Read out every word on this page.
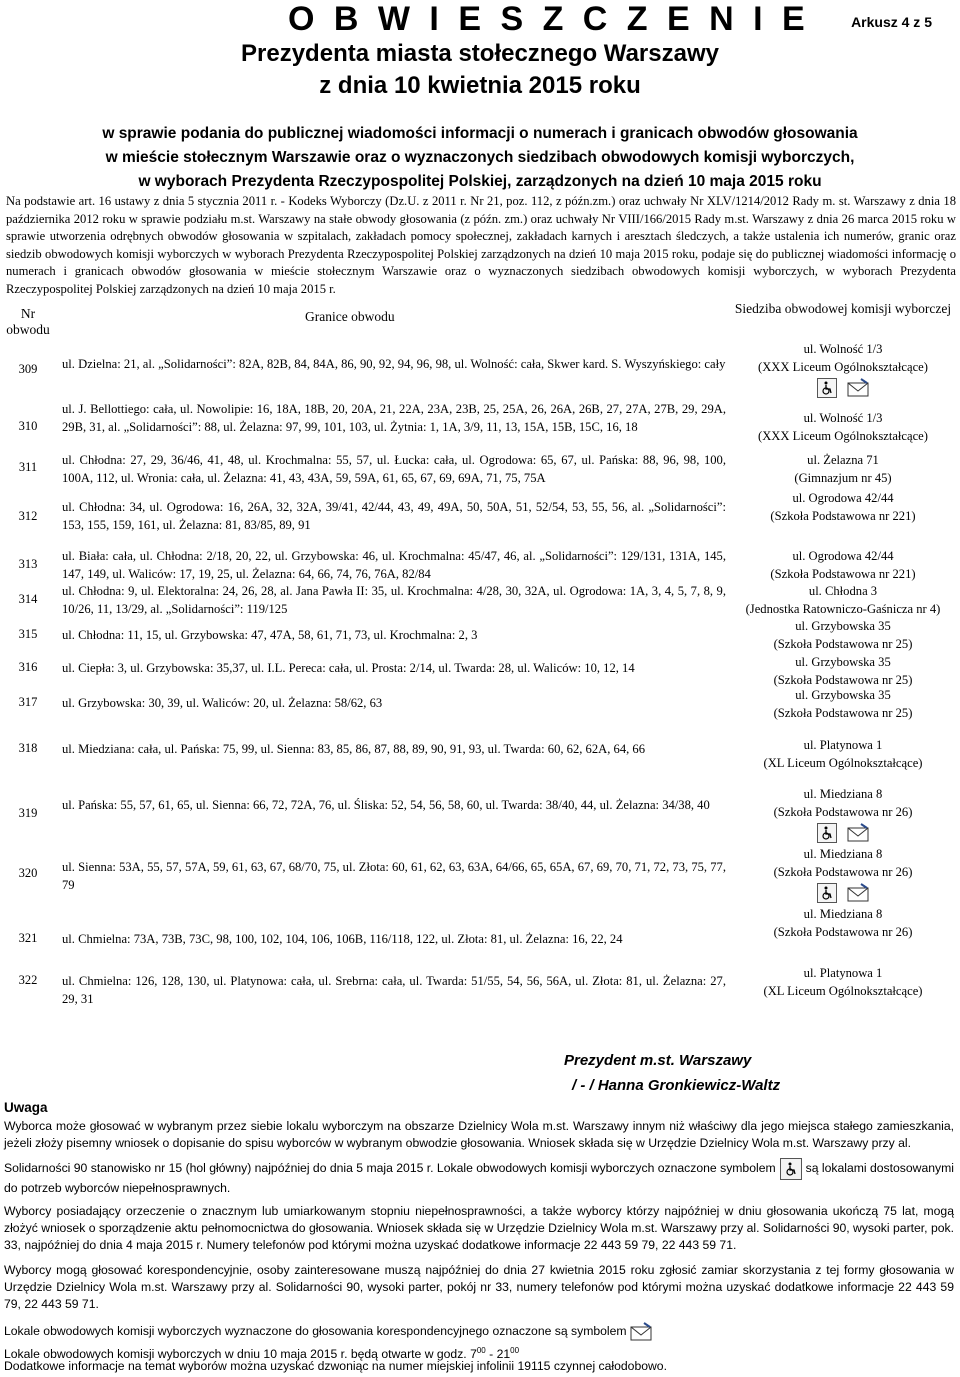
Arkusz 4 z 5
O B W I E S Z C Z E N I E
Prezydenta miasta stołecznego Warszawy
z dnia 10 kwietnia 2015 roku
w sprawie podania do publicznej wiadomości informacji o numerach i granicach obwodów głosowania
w mieście stołecznym Warszawie oraz o wyznaczonych siedzibach obwodowych komisji wyborczych,
w wyborach Prezydenta Rzeczypospolitej Polskiej, zarządzonych na dzień 10 maja 2015 roku
Na podstawie art. 16 ustawy z dnia 5 stycznia 2011 r. - Kodeks Wyborczy (Dz.U. z 2011 r. Nr 21, poz. 112, z późn.zm.) oraz uchwały Nr XLV/1214/2012 Rady m. st. Warszawy z dnia 18 października 2012 roku w sprawie podziału m.st. Warszawy na stałe obwody głosowania (z późn. zm.) oraz uchwały Nr VIII/166/2015 Rady m.st. Warszawy z dnia 26 marca 2015 roku w sprawie utworzenia odrębnych obwodów głosowania w szpitalach, zakładach pomocy społecznej, zakładach karnych i aresztach śledczych, a także ustalenia ich numerów, granic oraz siedzib obwodowych komisji wyborczych w wyborach Prezydenta Rzeczypospolitej Polskiej zarządzonych na dzień 10 maja 2015 roku, podaje się do publicznej wiadomości informację o numerach i granicach obwodów głosowania w mieście stołecznym Warszawie oraz o wyznaczonych siedzibach obwodowych komisji wyborczych, w wyborach Prezydenta Rzeczypospolitej Polskiej zarządzonych na dzień 10 maja 2015 r.
Nr obwodu
Granice obwodu
Siedziba obwodowej komisji wyborczej
309	ul. Dzielna: 21, al. „Solidarności”: 82A, 82B, 84, 84A, 86, 90, 92, 94, 96, 98, ul. Wolność: cała, Skwer kard. S. Wyszyńskiego: cały
ul. Wolność 1/3
(XXX Liceum Ogólnokształcące)
310
ul. J. Bellottiego: cała, ul. Nowolipie: 16, 18A, 18B, 20, 20A, 21, 22A, 23A, 23B, 25, 25A, 26, 26A, 26B, 27, 27A, 27B, 29, 29A, 29B, 31, al. „Solidarności”: 88, ul. Żelazna: 97, 99, 101, 103, ul. Żytnia: 1, 1A, 3/9, 11, 13, 15A, 15B, 15C, 16, 18
ul. Wolność 1/3
(XXX Liceum Ogólnokształcące)
311	ul. Chłodna: 27, 29, 36/46, 41, 48, ul. Krochmalna: 55, 57, ul. Łucka: cała, ul. Ogrodowa: 65, 67, ul. Pańska: 88, 96, 98, 100, 100A, 112, ul. Wronia: cała, ul. Żelazna: 41, 43, 43A, 59, 59A, 61, 65, 67, 69, 69A, 71, 75, 75A
ul. Żelazna 71
(Gimnazjum nr 45)
312
ul. Chłodna: 34, ul. Ogrodowa: 16, 26A, 32, 32A, 39/41, 42/44, 43, 49, 49A, 50, 50A, 51, 52/54, 53, 55, 56, al. „Solidarności”: 153, 155, 159, 161, ul. Żelazna: 81, 83/85, 89, 91
ul. Ogrodowa 42/44
(Szkoła Podstawowa nr 221)
313
ul. Biała: cała, ul. Chłodna: 2/18, 20, 22, ul. Grzybowska: 46, ul. Krochmalna: 45/47, 46, al. „Solidarności”: 129/131, 131A, 145, 147, 149, ul. Waliców: 17, 19, 25, ul. Żelazna: 64, 66, 74, 76, 76A, 82/84
ul. Ogrodowa 42/44
(Szkoła Podstawowa nr 221)
314
ul. Chłodna: 9, ul. Elektoralna: 24, 26, 28, al. Jana Pawła II: 35, ul. Krochmalna: 4/28, 30, 32A, ul. Ogrodowa: 1A, 3, 4, 5, 7, 8, 9, 10/26, 11, 13/29, al. „Solidarności”: 119/125
ul. Chłodna 3
(Jednostka Ratowniczo-Gaśnicza nr 4)
315	ul. Chłodna: 11, 15, ul. Grzybowska: 47, 47A, 58, 61, 71, 73, ul. Krochmalna: 2, 3
ul. Grzybowska 35
(Szkoła Podstawowa nr 25)
316	ul. Ciepła: 3, ul. Grzybowska: 35,37, ul. I.L. Pereca: cała, ul. Prosta: 2/14, ul. Twarda: 28, ul. Waliców: 10, 12, 14	ul. Grzybowska 35
(Szkoła Podstawowa nr 25)
317	ul. Grzybowska: 30, 39, ul. Waliców: 20, ul. Żelazna: 58/62, 63
ul. Grzybowska 35
(Szkoła Podstawowa nr 25)
318	ul. Miedziana: cała, ul. Pańska: 75, 99, ul. Sienna: 83, 85, 86, 87, 88, 89, 90, 91, 93, ul. Twarda: 60, 62, 62A, 64, 66	ul. Platynowa 1
(XL Liceum Ogólnokształcące)
319
ul. Pańska: 55, 57, 61, 65, ul. Sienna: 66, 72, 72A, 76, ul. Śliska: 52, 54, 56, 58, 60, ul. Twarda: 38/40, 44, ul. Żelazna: 34/38, 40
ul. Miedziana 8
(Szkoła Podstawowa nr 26)
320	ul. Sienna: 53A, 55, 57, 57A, 59, 61, 63, 67, 68/70, 75, ul. Złota: 60, 61, 62, 63, 63A, 64/66, 65, 65A, 67, 69, 70, 71, 72, 73, 75, 77, 79
ul. Miedziana 8
(Szkoła Podstawowa nr 26)
321	ul. Chmielna: 73A, 73B, 73C, 98, 100, 102, 104, 106, 106B, 116/118, 122, ul. Złota: 81, ul. Żelazna: 16, 22, 24
ul. Miedziana 8
(Szkoła Podstawowa nr 26)
322	ul. Chmielna: 126, 128, 130, ul. Platynowa: cała, ul. Srebrna: cała, ul. Twarda: 51/55, 54, 56, 56A, ul. Złota: 81, ul. Żelazna: 27, 29, 31
ul. Platynowa 1
(XL Liceum Ogólnokształcące)
Prezydent m.st. Warszawy
/ - / Hanna Gronkiewicz-Waltz
Uwaga
Wyborca może głosować w wybranym przez siebie lokalu wyborczym na obszarze Dzielnicy Wola m.st. Warszawy innym niż właściwy dla jego miejsca stałego zamieszkania, jeżeli złoży pisemny wniosek o dopisanie do spisu wyborców w wybranym obwodzie głosowania. Wniosek składa się w Urzędzie Dzielnicy Wola m.st. Warszawy przy al.
Solidarności 90 stanowisko nr 15 (hol główny) najpóźniej do dnia 5 maja 2015 r. Lokale obwodowych komisji wyborczych oznaczone symbolem są lokalami dostosowanymi do potrzeb wyborców niepełnosprawnych.
Wyborcy posiadający orzeczenie o znacznym lub umiarkowanym stopniu niepełnosprawności, a także wyborcy którzy najpóźniej w dniu głosowania ukończą 75 lat, mogą złożyć wniosek o sporządzenie aktu pełnomocnictwa do głosowania. Wniosek składa się w Urzędzie Dzielnicy Wola m.st. Warszawy przy al. Solidarności 90, wysoki parter, pok. 33, najpóźniej do dnia 4 maja 2015 r. Numery telefonów pod którymi można uzyskać dodatkowe informacje 22 443 59 79, 22 443 59 71.
Wyborcy mogą głosować korespondencyjnie, osoby zainteresowane muszą najpóźniej do dnia 27 kwietnia 2015 roku zgłosić zamiar skorzystania z tej formy głosowania w Urzędzie Dzielnicy Wola m.st. Warszawy przy al. Solidarności 90, wysoki parter, pokój nr 33, numery telefonów pod którymi można uzyskać dodatkowe informacje 22 443 59 79, 22 443 59 71.
Lokale obwodowych komisji wyborczych wyznaczone do głosowania korespondencyjnego oznaczone są symbolem
Lokale obwodowych komisji wyborczych w dniu 10 maja 2015 r. będą otwarte w godz. $7^{00} - 21^{00}$
Dodatkowe informacje na temat wyborów można uzyskać dzwoniąc na numer miejskiej infolinii 19115 czynnej całodobowo.
